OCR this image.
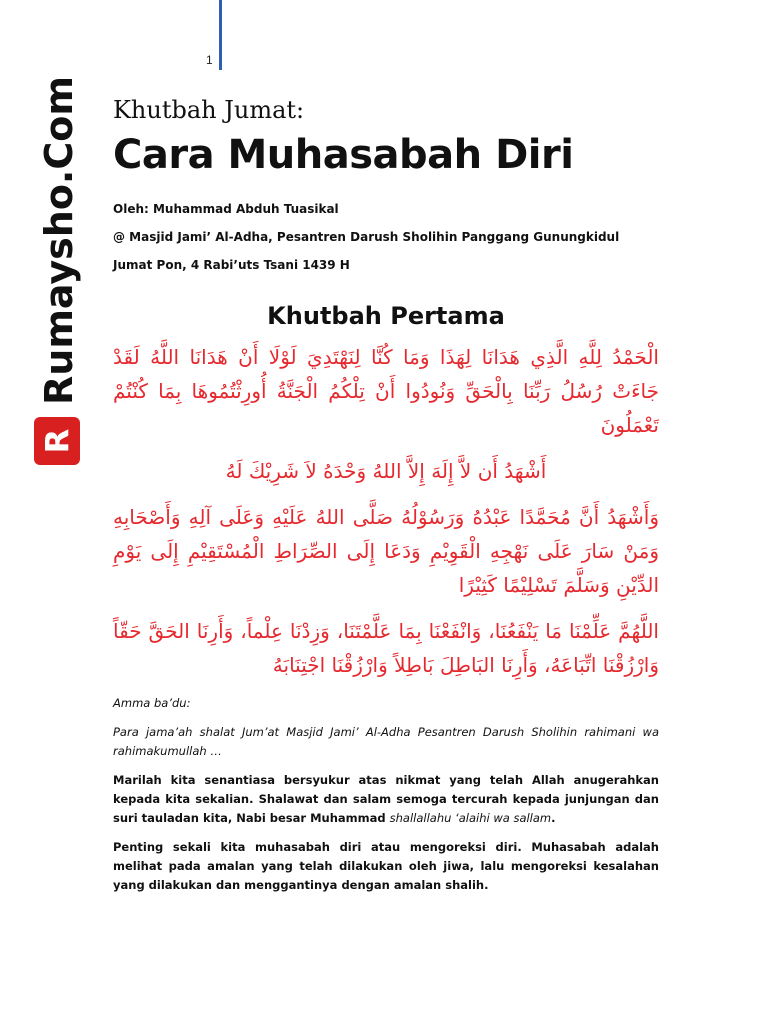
1
Rumaysho.Com
R

Khutbah Jumat:

Cara Muhasabah Diri

Oleh: Muhammad Abduh Tuasikal

@ Masjid Jami’ Al-Adha, Pesantren Darush Sholihin Panggang Gunungkidul

Jumat Pon, 4 Rabi’uts Tsani 1439 H

Khutbah Pertama

الْحَمْدُ لِلَّهِ الَّذِي هَدَانَا لِهَذَا وَمَا كُنَّا لِنَهْتَدِيَ لَوْلَا أَنْ هَدَانَا اللَّهُ لَقَدْ جَاءَتْ رُسُلُ رَبِّنَا بِالْحَقِّ وَنُودُوا أَنْ تِلْكُمُ الْجَنَّةُ أُورِثْتُمُوهَا بِمَا كُنْتُمْ تَعْمَلُونَ

أَشْهَدُ أَن لاَّ إِلَهَ إِلاَّ اللهُ وَحْدَهُ لاَ شَرِيْكَ لَهُ

وَأَشْهَدُ أَنَّ مُحَمَّدًا عَبْدُهُ وَرَسُوْلُهُ صَلَّى اللهُ عَلَيْهِ وَعَلَى آلِهِ وَأَصْحَابِهِ وَمَنْ سَارَ عَلَى نَهْجِهِ الْقَوِيْمِ وَدَعَا إِلَى الصِّرَاطِ الْمُسْتَقِيْمِ إِلَى يَوْمِ الدِّيْنِ وَسَلَّمَ تَسْلِيْمًا كَثِيْرًا

اللَّهُمَّ عَلِّمْنَا مَا يَنْفَعُنَا، وَانْفَعْنَا بِمَا عَلَّمْتَنَا، وَزِدْنَا عِلْماً، وَأَرِنَا الحَقَّ حَقّاً وَارْزُقْنَا اتِّبَاعَهُ، وَأَرِنَا البَاطِلَ بَاطِلاً وَارْزُقْنَا اجْتِنَابَهُ

Amma ba’du:

Para jama’ah shalat Jum’at Masjid Jami’ Al-Adha Pesantren Darush Sholihin rahimani wa rahimakumullah …

Marilah kita senantiasa bersyukur atas nikmat yang telah Allah anugerahkan kepada kita sekalian. Shalawat dan salam semoga tercurah kepada junjungan dan suri tauladan kita, Nabi besar Muhammad shallallahu ‘alaihi wa sallam.

Penting sekali kita muhasabah diri atau mengoreksi diri. Muhasabah adalah melihat pada amalan yang telah dilakukan oleh jiwa, lalu mengoreksi kesalahan yang dilakukan dan menggantinya dengan amalan shalih.
